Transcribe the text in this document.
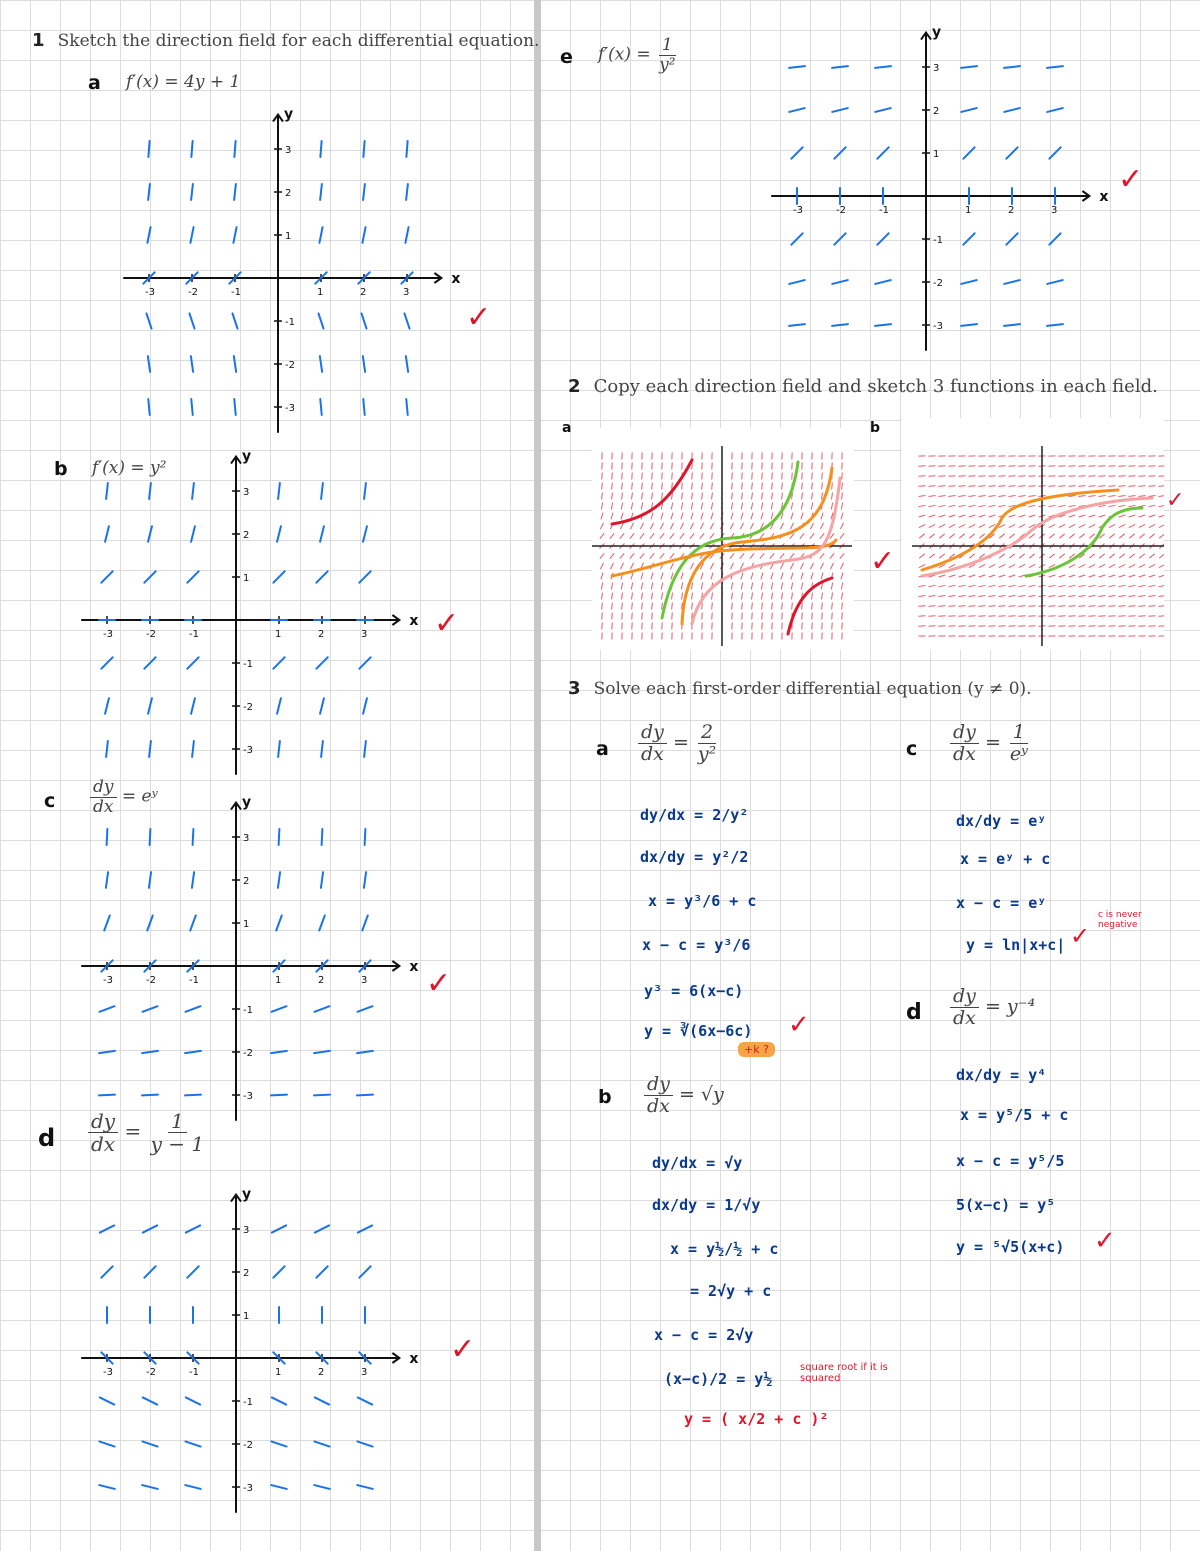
1 Sketch the direction field for each differential equation.
a f′(x) = 4y + 1
x
y
-3
-3
-2
-2
-1
-1
1
1
2
2
3
3
✓
b f′(x) = y²
x
y
-3
-3
-2
-2
-1
-1
1
1
2
2
3
3
✓
c $\frac{dy}{dx}$ = eʸ
x
y
-3
-3
-2
-2
-1
-1
1
1
2
2
3
3
✓
d $\frac{dy}{dx} = \frac{1}{y - 1}$
x
y
-3
-3
-2
-2
-1
-1
1
1
2
2
3
3
✓
e $f'(x) = \frac{1}{\text{y²}}$
x
y
-3
-3
-2
-2
-1
-1
1
1
2
2
3
3
✓
2 Copy each direction field and sketch 3 functions in each field.
a	b
✓
✓
3 Solve each first-order differential equation (y ≠ 0).
a $\frac{dy}{dx} = \frac{2}{\text{y²}}$
dy/dx = 2/y²
dx/dy = y²/2
x = y³/6 + c
x − c = y³/6
y³ = 6(x−c)
y = ∛(6x−6c)
+k ?
✓
b $\frac{dy}{dx} = √y$
dy/dx = √y
dx/dy = 1/√y
x = y½/½ + c
= 2√y + c
x − c = 2√y
(x−c)/2 = y½
square root if it is squared
y = ( x/2 + c )²
c $\frac{dy}{dx} = \frac{1}{\text{eʸ}}$
dx/dy = eʸ
x = eʸ + c
x − c = eʸ
y = ln|x+c| ✓
c is never negative
d $\frac{dy}{dx} = y^{-4}$
dx/dy = y⁴
x = y⁵/5 + c
x − c = y⁵/5
5(x−c) = y⁵
y = ⁵√5(x+c) ✓
